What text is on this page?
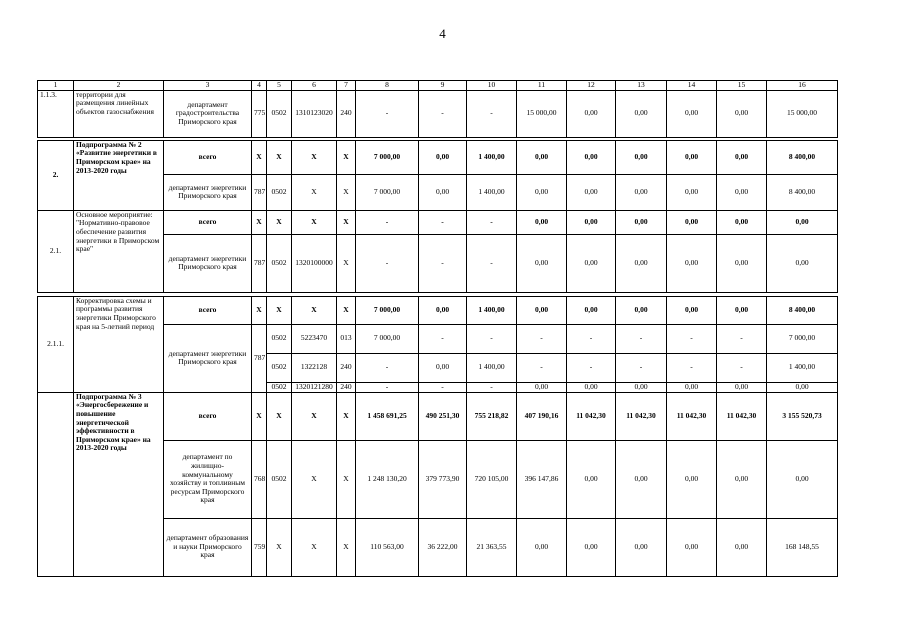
4
1	2	3	4	5	6	7	8	9	10	11	12	13	14	15	16
1.1.3.	территории для размещения линейных объектов газоснабжения	департамент градостроительства Приморского края	775	0502	1310123020	240	-	-	-	15 000,00	0,00	0,00	0,00	0,00	15 000,00

2.	Подпрограмма № 2 «Развитие энергетики в Приморском крае» на 2013-2020 годы	всего	X	X	X	X	7 000,00	0,00	1 400,00	0,00	0,00	0,00	0,00	0,00	8 400,00
		департамент энергетики Приморского края	787	0502	X	X	7 000,00	0,00	1 400,00	0,00	0,00	0,00	0,00	0,00	8 400,00
2.1.	Основное мероприятие: "Нормативно-правовое обеспечение развития энергетики в Приморском крае"	всего	X	X	X	X	-	-	-	0,00	0,00	0,00	0,00	0,00	0,00
		департамент энергетики Приморского края	787	0502	1320100000	X	-	-	-	0,00	0,00	0,00	0,00	0,00	0,00

2.1.1.	Корректировка схемы и программы развития энергетики Приморского края на 5-летний период	всего	X	X	X	X	7 000,00	0,00	1 400,00	0,00	0,00	0,00	0,00	0,00	8 400,00
		департамент энергетики Приморского края	787	0502	5223470	013	7 000,00	-	-	-	-	-	-	-	7 000,00
				0502	1322128	240	-	0,00	1 400,00	-	-	-	-	-	1 400,00
				0502	1320121280	240	-	-	-	0,00	0,00	0,00	0,00	0,00	0,00
	Подпрограмма № 3 «Энергосбережение и повышение энергетической эффективности в Приморском крае» на 2013-2020 годы	всего	X	X	X	X	1 458 691,25	490 251,30	755 218,82	407 190,16	11 042,30	11 042,30	11 042,30	11 042,30	3 155 520,73
		департамент по жилищно-коммунальному хозяйству и топливным ресурсам Приморского края	768	0502	X	X	1 248 130,20	379 773,90	720 105,00	396 147,86	0,00	0,00	0,00	0,00	0,00
		департамент образования и науки Приморского края	759	X	X	X	110 563,00	36 222,00	21 363,55	0,00	0,00	0,00	0,00	0,00	168 148,55
